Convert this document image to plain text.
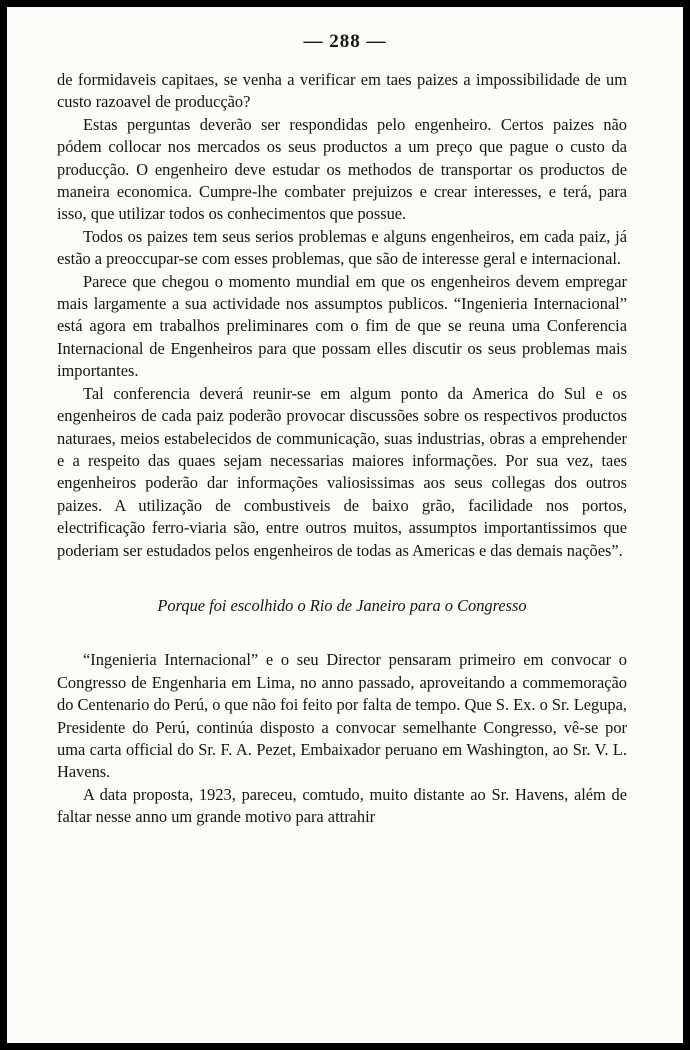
— 288 —

de formidaveis capitaes, se venha a verificar em taes paizes a impossibilidade de um custo razoavel de producção?

Estas perguntas deverão ser respondidas pelo engenheiro. Certos paizes não pódem collocar nos mercados os seus productos a um preço que pague o custo da producção. O engenheiro deve estudar os methodos de transportar os productos de maneira economica. Cumpre-lhe combater prejuizos e crear interesses, e terá, para isso, que utilizar todos os conhecimentos que possue.

Todos os paizes tem seus serios problemas e alguns engenheiros, em cada paiz, já estão a preoccupar-se com esses problemas, que são de interesse geral e internacional.

Parece que chegou o momento mundial em que os engenheiros devem empregar mais largamente a sua actividade nos assumptos publicos. “Ingenieria Internacional” está agora em trabalhos preliminares com o fim de que se reuna uma Conferencia Internacional de Engenheiros para que possam elles discutir os seus problemas mais importantes.

Tal conferencia deverá reunir-se em algum ponto da America do Sul e os engenheiros de cada paiz poderão provocar discussões sobre os respectivos productos naturaes, meios estabelecidos de communicação, suas industrias, obras a emprehender e a respeito das quaes sejam necessarias maiores informações. Por sua vez, taes engenheiros poderão dar informações valiosissimas aos seus collegas dos outros paizes. A utilização de combustiveis de baixo grão, facilidade nos portos, electrificação ferro-viaria são, entre outros muitos, assumptos importantissimos que poderiam ser estudados pelos engenheiros de todas as Americas e das demais nações”.

Porque foi escolhido o Rio de Janeiro para o Congresso

“Ingenieria Internacional” e o seu Director pensaram primeiro em convocar o Congresso de Engenharia em Lima, no anno passado, aproveitando a commemoração do Centenario do Perú, o que não foi feito por falta de tempo. Que S. Ex. o Sr. Legupa, Presidente do Perú, continúa disposto a convocar semelhante Congresso, vê-se por uma carta official do Sr. F. A. Pezet, Embaixador peruano em Washington, ao Sr. V. L. Havens.

A data proposta, 1923, pareceu, comtudo, muito distante ao Sr. Havens, além de faltar nesse anno um grande motivo para attrahir
